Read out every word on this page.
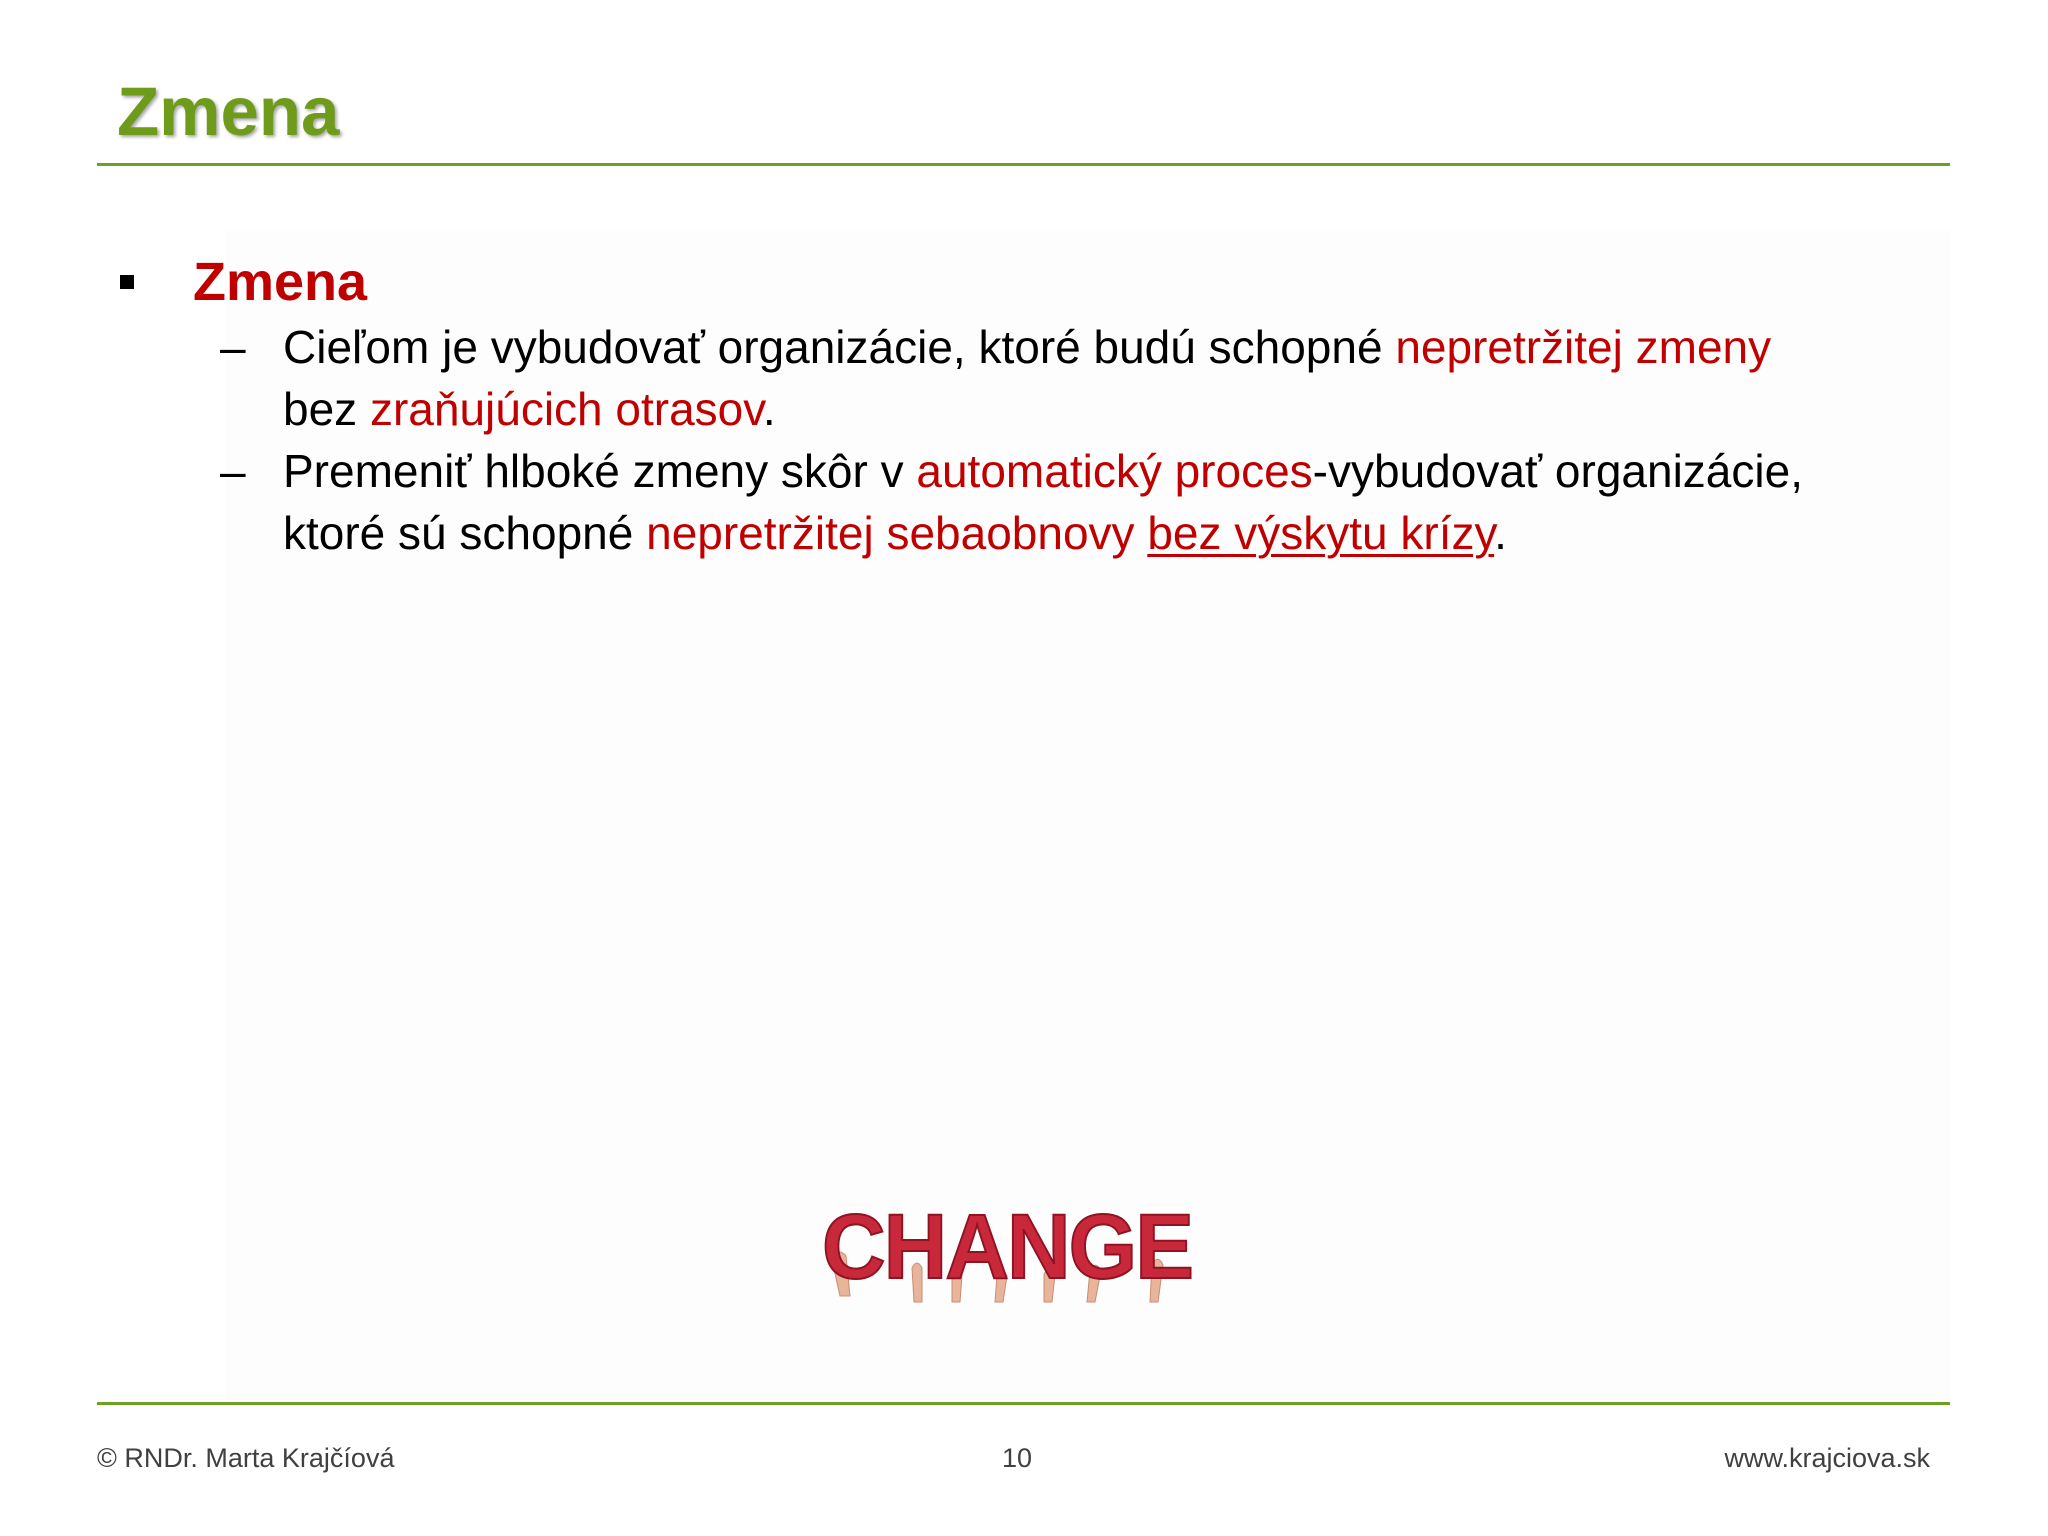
Zmena
Zmena
– Cieľom je vybudovať organizácie, ktoré budú schopné nepretržitej zmeny bez zraňujúcich otrasov.
– Premeniť hlboké zmeny skôr v automatický proces-vybudovať organizácie, ktoré sú schopné nepretržitej sebaobnovy bez výskytu krízy.
CHANGE
© RNDr. Marta Krajčíová	10	www.krajciova.sk
